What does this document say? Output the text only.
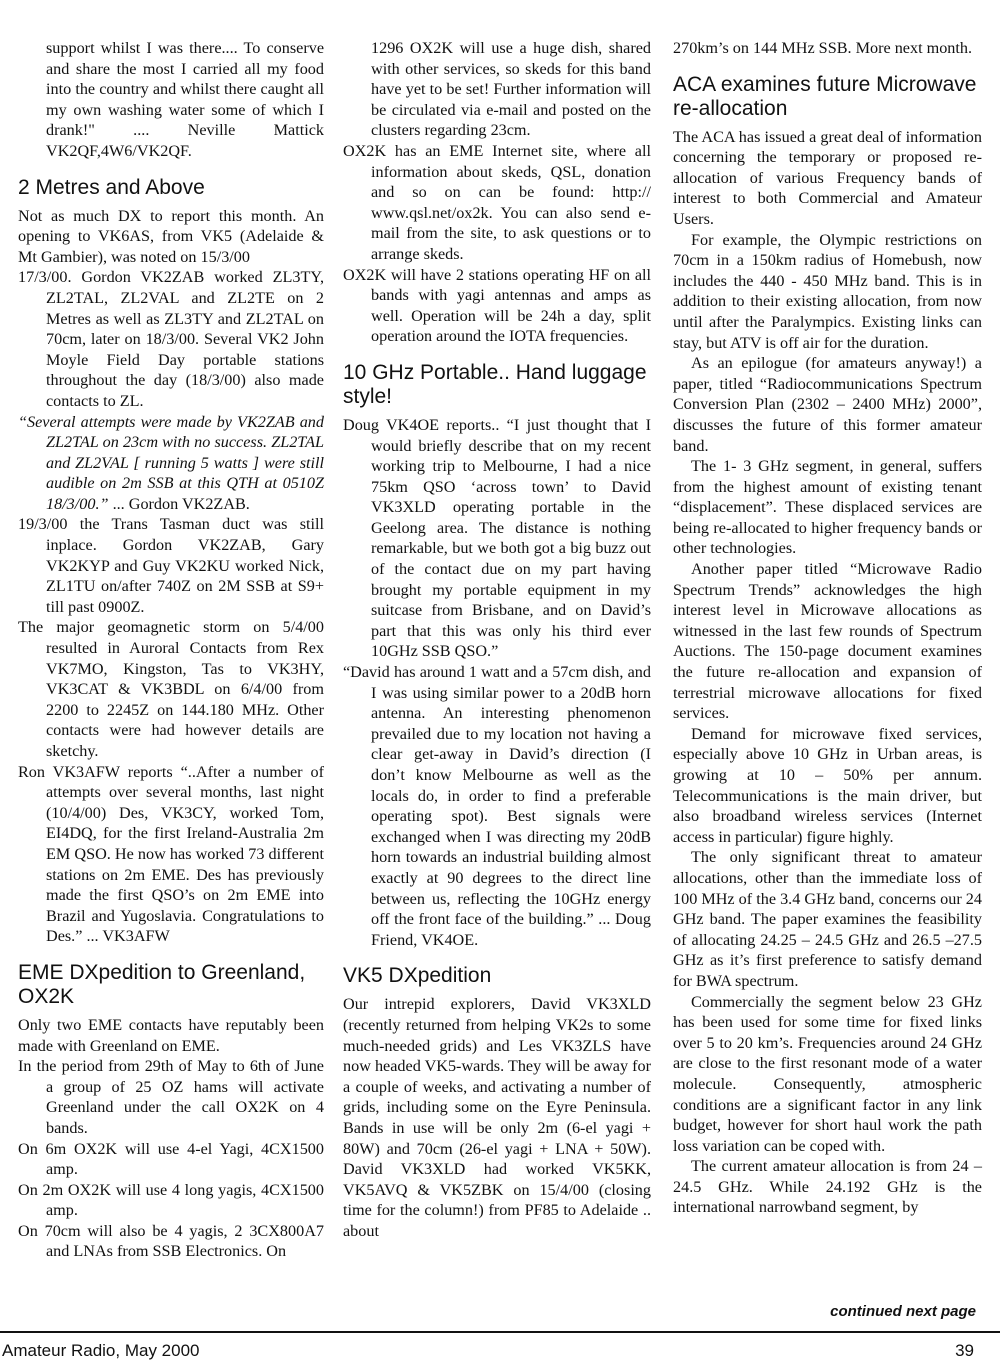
support whilst I was there.... To conserve and share the most I carried all my food into the country and whilst there caught all my own washing water some of which I drank!" .... Neville Mattick VK2QF,4W6/VK2QF.

2 Metres and Above

Not as much DX to report this month. An opening to VK6AS, from VK5 (Adelaide & Mt Gambier), was noted on 15/3/00

17/3/00. Gordon VK2ZAB worked ZL3TY, ZL2TAL, ZL2VAL and ZL2TE on 2 Metres as well as ZL3TY and ZL2TAL on 70cm, later on 18/3/00. Several VK2 John Moyle Field Day portable stations throughout the day (18/3/00) also made contacts to ZL.

“Several attempts were made by VK2ZAB and ZL2TAL on 23cm with no success. ZL2TAL and ZL2VAL [ running 5 watts ] were still audible on 2m SSB at this QTH at 0510Z 18/3/00.” ... Gordon VK2ZAB.

19/3/00 the Trans Tasman duct was still inplace. Gordon VK2ZAB, Gary VK2KYP and Guy VK2KU worked Nick, ZL1TU on/after 740Z on 2M SSB at S9+ till past 0900Z.

The major geomagnetic storm on 5/4/00 resulted in Auroral Contacts from Rex VK7MO, Kingston, Tas to VK3HY, VK3CAT & VK3BDL on 6/4/00 from 2200 to 2245Z on 144.180 MHz. Other contacts were had however details are sketchy.

Ron VK3AFW reports “..After a number of attempts over several months, last night (10/4/00) Des, VK3CY, worked Tom, EI4DQ, for the first Ireland-Australia 2m EM QSO. He now has worked 73 different stations on 2m EME. Des has previously made the first QSO’s on 2m EME into Brazil and Yugoslavia. Congratulations to Des.” ... VK3AFW

EME DXpedition to Greenland, OX2K

Only two EME contacts have reputably been made with Greenland on EME.

In the period from 29th of May to 6th of June a group of 25 OZ hams will activate Greenland under the call OX2K on 4 bands.

On 6m OX2K will use 4-el Yagi, 4CX1500 amp.

On 2m OX2K will use 4 long yagis, 4CX1500 amp.

On 70cm will also be 4 yagis, 2 3CX800A7 and LNAs from SSB Electronics. On

1296 OX2K will use a huge dish, shared with other services, so skeds for this band have yet to be set! Further information will be circulated via e-mail and posted on the clusters regarding 23cm.

OX2K has an EME Internet site, where all information about skeds, QSL, donation and so on can be found: http:// www.qsl.net/ox2k. You can also send e-mail from the site, to ask questions or to arrange skeds.

OX2K will have 2 stations operating HF on all bands with yagi antennas and amps as well. Operation will be 24h a day, split operation around the IOTA frequencies.

10 GHz Portable.. Hand luggage style!

Doug VK4OE reports.. “I just thought that I would briefly describe that on my recent working trip to Melbourne, I had a nice 75km QSO ‘across town’ to David VK3XLD operating portable in the Geelong area. The distance is nothing remarkable, but we both got a big buzz out of the contact due on my part having brought my portable equipment in my suitcase from Brisbane, and on David’s part that this was only his third ever 10GHz SSB QSO.”

“David has around 1 watt and a 57cm dish, and I was using similar power to a 20dB horn antenna. An interesting phenomenon prevailed due to my location not having a clear get-away in David’s direction (I don’t know Melbourne as well as the locals do, in order to find a preferable operating spot). Best signals were exchanged when I was directing my 20dB horn towards an industrial building almost exactly at 90 degrees to the direct line between us, reflecting the 10GHz energy off the front face of the building.” ... Doug Friend, VK4OE.

VK5 DXpedition

Our intrepid explorers, David VK3XLD (recently returned from helping VK2s to some much-needed grids) and Les VK3ZLS have now headed VK5-wards. They will be away for a couple of weeks, and activating a number of grids, including some on the Eyre Peninsula. Bands in use will be only 2m (6-el yagi + 80W) and 70cm (26-el yagi + LNA + 50W). David VK3XLD had worked VK5KK, VK5AVQ & VK5ZBK on 15/4/00 (closing time for the column!) from PF85 to Adelaide .. about

270km’s on 144 MHz SSB. More next month.

ACA examines future Microwave re-allocation

The ACA has issued a great deal of information concerning the temporary or proposed re-allocation of various Frequency bands of interest to both Commercial and Amateur Users.

For example, the Olympic restrictions on 70cm in a 150km radius of Homebush, now includes the 440 - 450 MHz band. This is in addition to their existing allocation, from now until after the Paralympics. Existing links can stay, but ATV is off air for the duration.

As an epilogue (for amateurs anyway!) a paper, titled “Radiocommunications Spectrum Conversion Plan (2302 – 2400 MHz) 2000”, discusses the future of this former amateur band.

The 1- 3 GHz segment, in general, suffers from the highest amount of existing tenant “displacement”. These displaced services are being re-allocated to higher frequency bands or other technologies.

Another paper titled “Microwave Radio Spectrum Trends” acknowledges the high interest level in Microwave allocations as witnessed in the last few rounds of Spectrum Auctions. The 150-page document examines the future re-allocation and expansion of terrestrial microwave allocations for fixed services.

Demand for microwave fixed services, especially above 10 GHz in Urban areas, is growing at 10 – 50% per annum. Telecommunications is the main driver, but also broadband wireless services (Internet access in particular) figure highly.

The only significant threat to amateur allocations, other than the immediate loss of 100 MHz of the 3.4 GHz band, concerns our 24 GHz band. The paper examines the feasibility of allocating 24.25 – 24.5 GHz and 26.5 –27.5 GHz as it’s first preference to satisfy demand for BWA spectrum.

Commercially the segment below 23 GHz has been used for some time for fixed links over 5 to 20 km’s. Frequencies around 24 GHz are close to the first resonant mode of a water molecule. Consequently, atmospheric conditions are a significant factor in any link budget, however for short haul work the path loss variation can be coped with.

The current amateur allocation is from 24 – 24.5 GHz. While 24.192 GHz is the international narrowband segment, by

continued next page
Amateur Radio, May 2000	39
